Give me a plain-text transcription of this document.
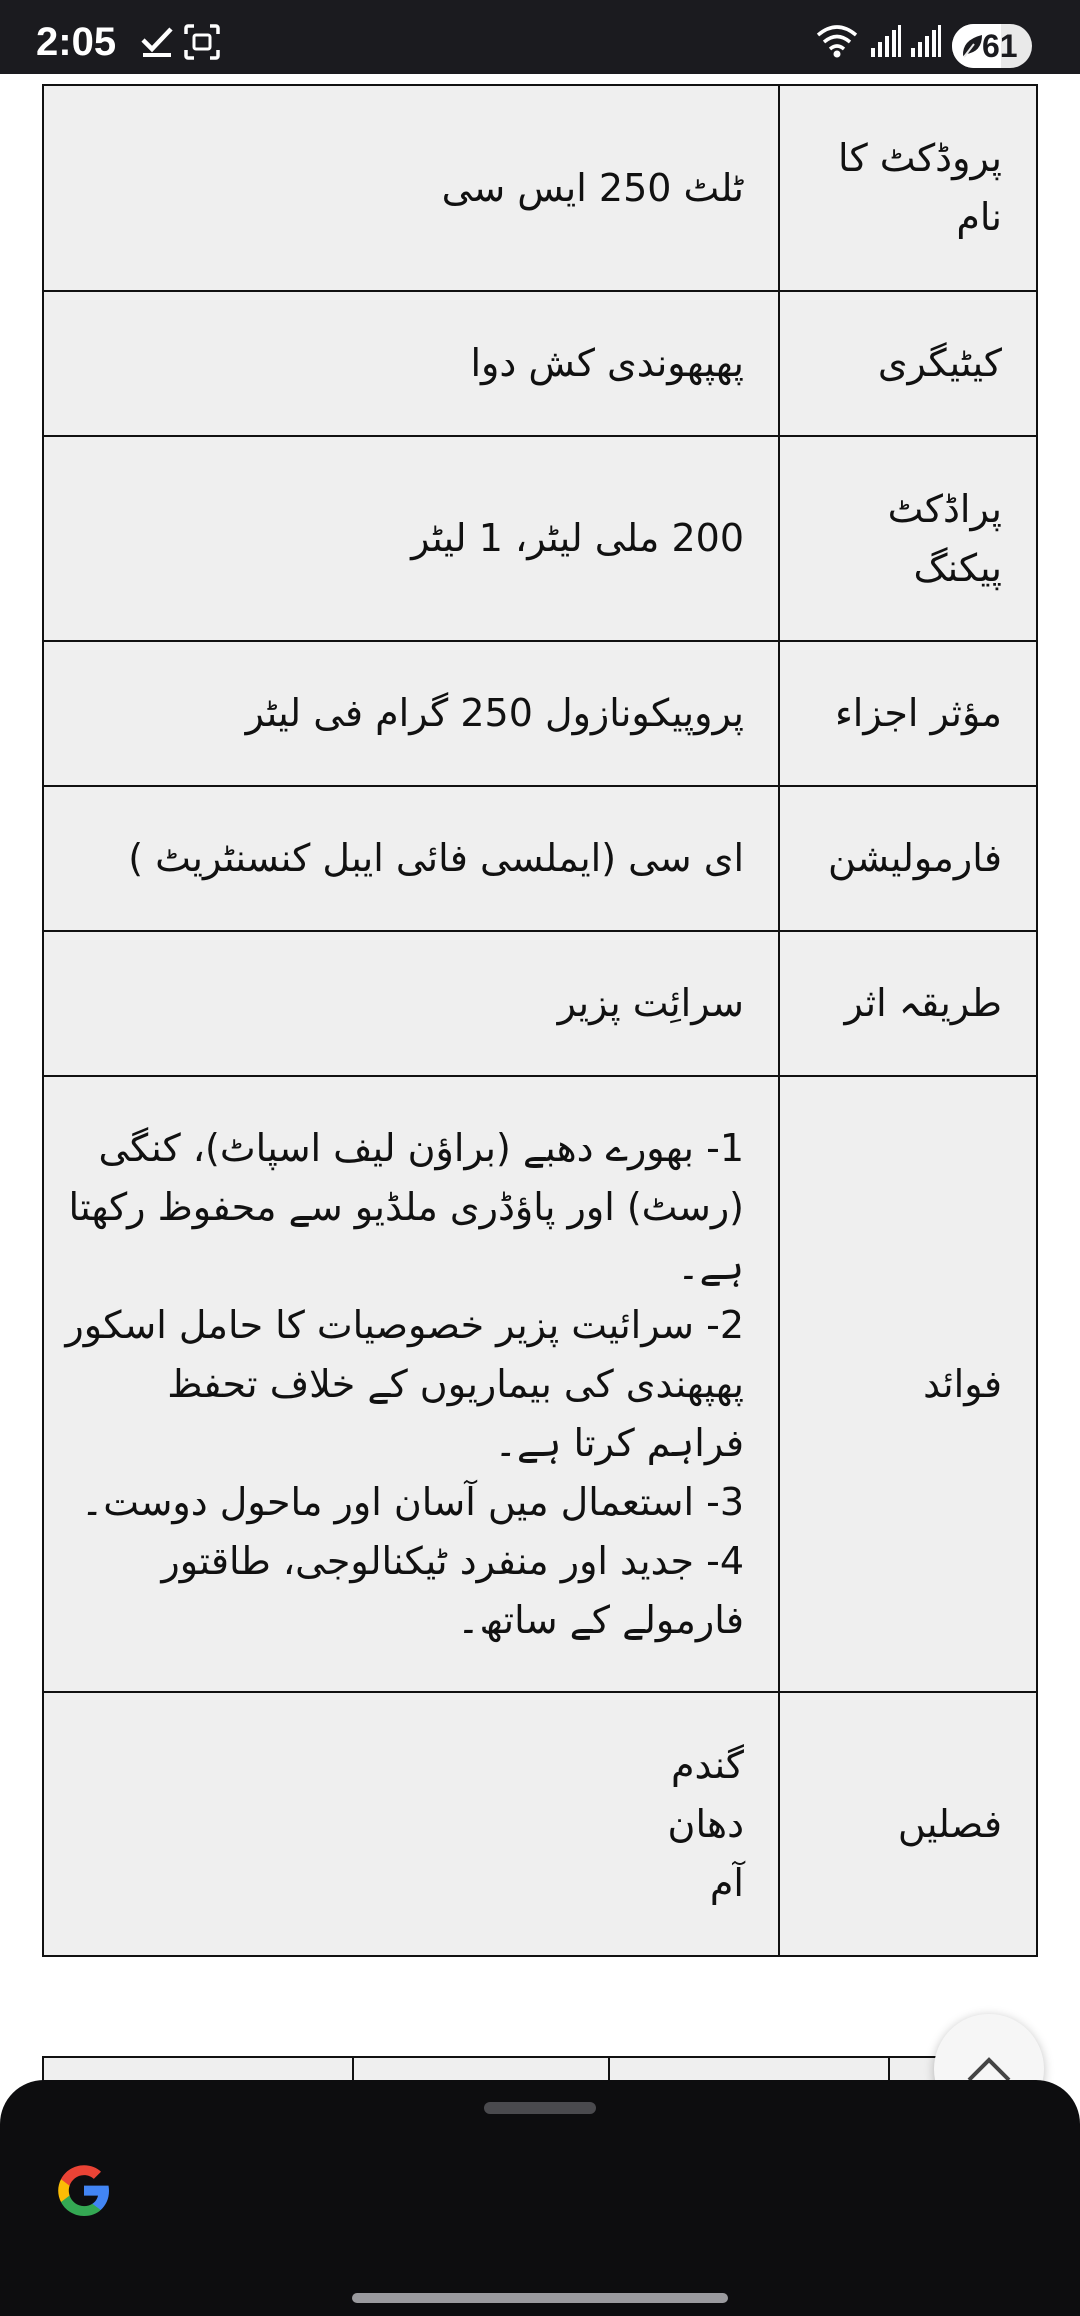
2:05	61
پروڈکٹ کا نام	ٹلٹ 250 ایس سی

کیٹیگری	پھپھوندی کش دوا

پراڈکٹ پیکنگ	200 ملی لیٹر، 1 لیٹر

مؤثر اجزاء	پروپیکونازول 250 گرام فی لیٹر

فارمولیشن	ای سی (ایملسی فائی ایبل کنسنٹریٹ )

طریقہ اثر	سرائِت پزیر

فوائد	1- بھورے دھبے (براؤن لیف اسپاٹ)، کنگی (رسٹ) اور پاؤڈری ملڈیو سے محفوظ رکھتا ہے۔
2- سرائیت پزیر خصوصیات کا حامل اسکور پھپھندی کی بیماریوں کے خلاف تحفظ فراہم کرتا ہے۔
3- استعمال میں آسان اور ماحول دوست۔
4- جدید اور منفرد ٹیکنالوجی، طاقتور فارمولے کے ساتھ۔

فصلیں	گندم
دھان
آم
